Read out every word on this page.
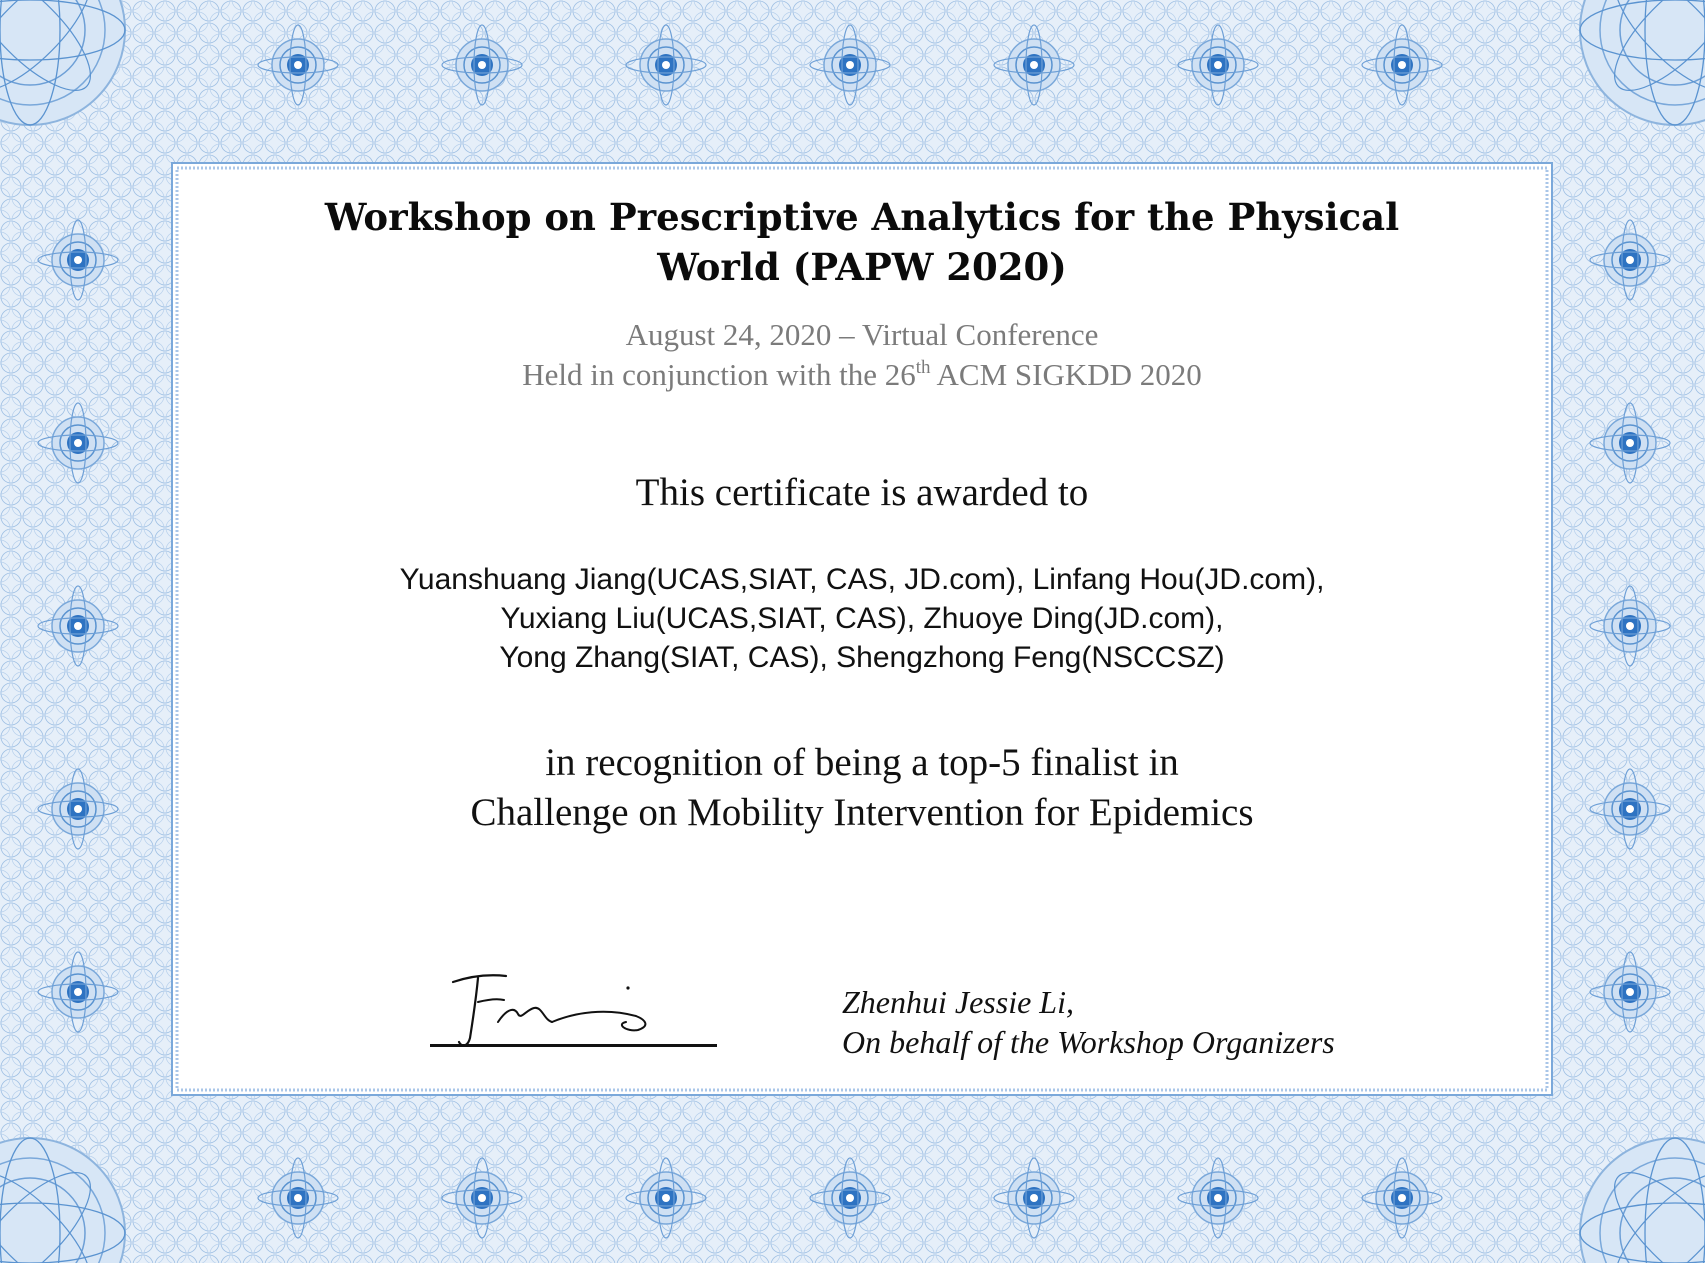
Workshop on Prescriptive Analytics for the Physical
World (PAPW 2020)
August 24, 2020 – Virtual Conference
Held in conjunction with the 26th ACM SIGKDD 2020
This certificate is awarded to
Yuanshuang Jiang(UCAS,SIAT, CAS, JD.com), Linfang Hou(JD.com),
Yuxiang Liu(UCAS,SIAT, CAS), Zhuoye Ding(JD.com),
Yong Zhang(SIAT, CAS), Shengzhong Feng(NSCCSZ)
in recognition of being a top-5 finalist in
Challenge on Mobility Intervention for Epidemics
Zhenhui Jessie Li,
On behalf of the Workshop Organizers
